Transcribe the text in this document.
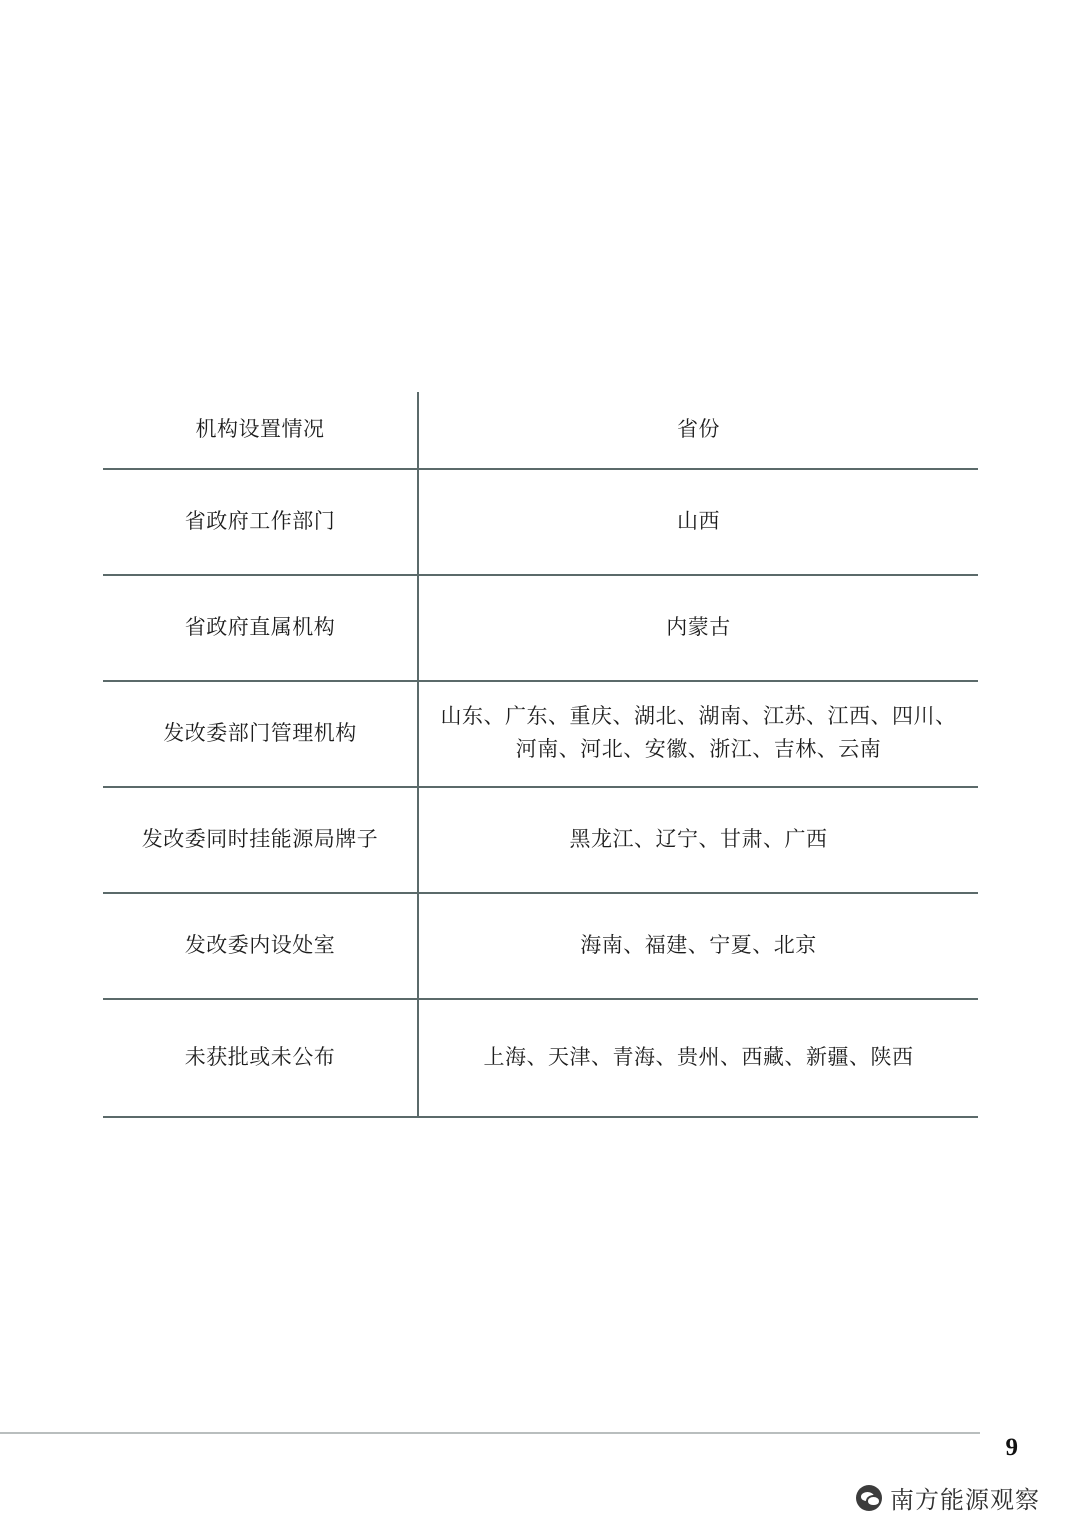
机构设置情况	省份
省政府工作部门	山西

省政府直属机构	内蒙古

发改委部门管理机构	山东、广东、重庆、湖北、湖南、江苏、江西、四川、
河南、河北、安徽、浙江、吉林、云南

发改委同时挂能源局牌子	黑龙江、辽宁、甘肃、广西

发改委内设处室	海南、福建、宁夏、北京

未获批或未公布	上海、天津、青海、贵州、西藏、新疆、陕西
9
南方能源观察
